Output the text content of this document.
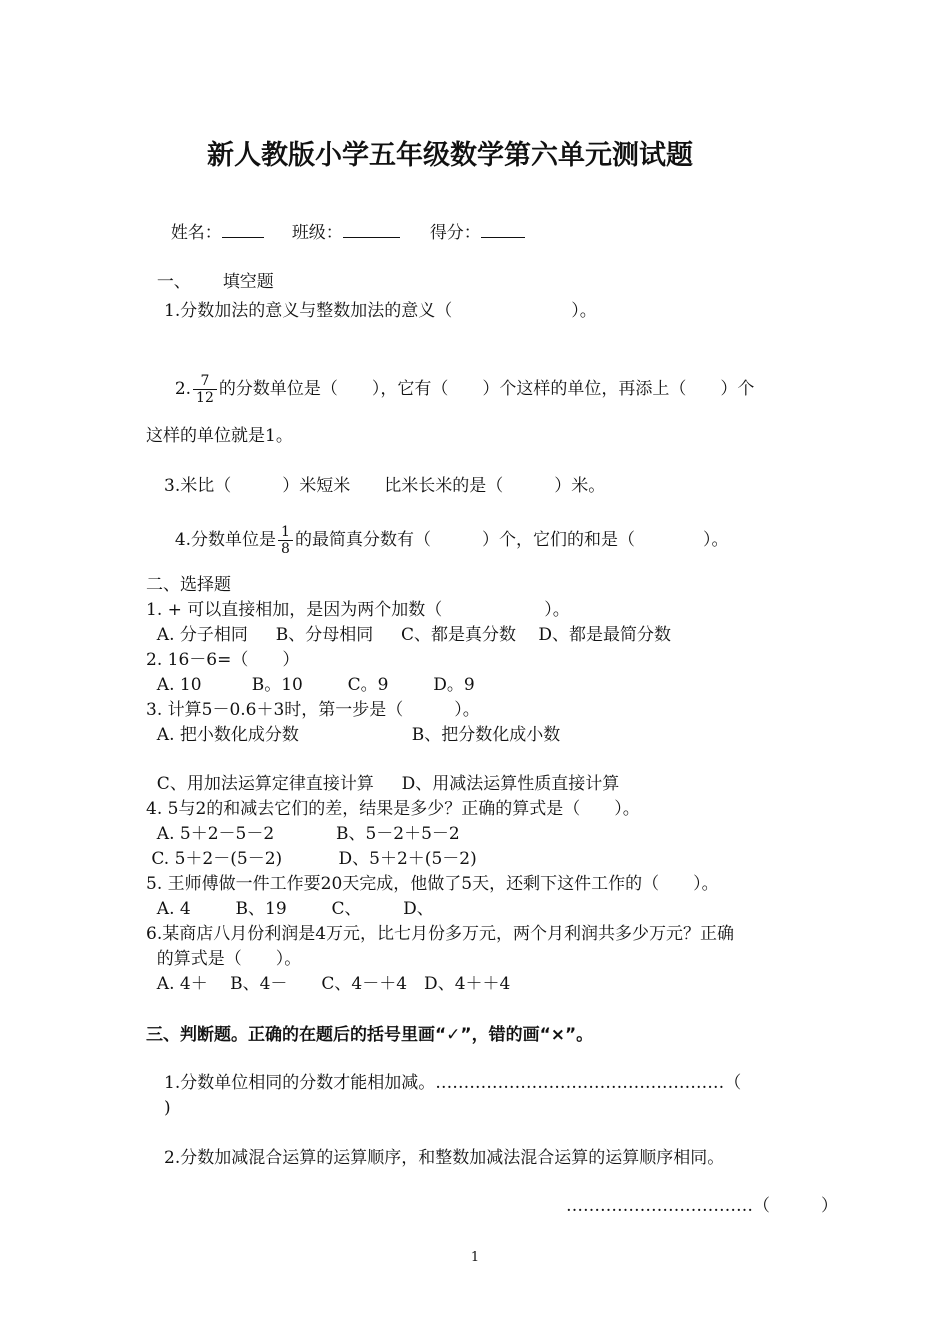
新人教版小学五年级数学第六单元测试题

姓名：	班级：	得分：

一、 填空题

1.分数加法的意义与整数加法的意义（　　　　　　　）。

2. $\frac{7}{12}$ 的分数单位是（　　），它有（　　）个这样的单位，再添上（　　）个

这样的单位就是1。
3.米比（　　　）米短米　　比米长米的是（　　　）米。

4.分数单位是 $\frac{1}{8}$ 的最简真分数有（　　　）个，它们的和是（　　　　）。

二、选择题
1. + 可以直接相加，是因为两个加数（　　　　　　）。
A. 分子相同　  B、分母相同　  C、都是真分数　 D、都是最简分数
2. 16－6=（　　）
A. 10　　   B。10　　  C。9　　  D。9
3. 计算5－0.6＋3时，第一步是（　　　）。
A. 把小数化成分数　　　　　　  B、把分数化成小数
C、用加法运算定律直接计算　  D、用减法运算性质直接计算
4. 5与2的和减去它们的差，结果是多少？正确的算式是（　　）。
A. 5＋2－5－2　　　  B、5－2＋5－2
C. 5＋2－(5－2)　　　 D、5＋2＋(5－2)
5. 王师傅做一件工作要20天完成，他做了5天，还剩下这件工作的（　　）。
A. 4　　  B、19　　  C、　　   D、
6.某商店八月份利润是4万元，比七月份多万元，两个月利润共多少万元？正确
的算式是（　　）。
A. 4＋　 B、4－　　C、4－＋4　D、4＋＋4
三、判断题。正确的在题后的括号里画“✓”，错的画“×”。
1.分数单位相同的分数才能相加减。……………………………………………（
)
2.分数加减混合运算的运算顺序，和整数加减法混合运算的运算顺序相同。
……………………………（　　　）
1
